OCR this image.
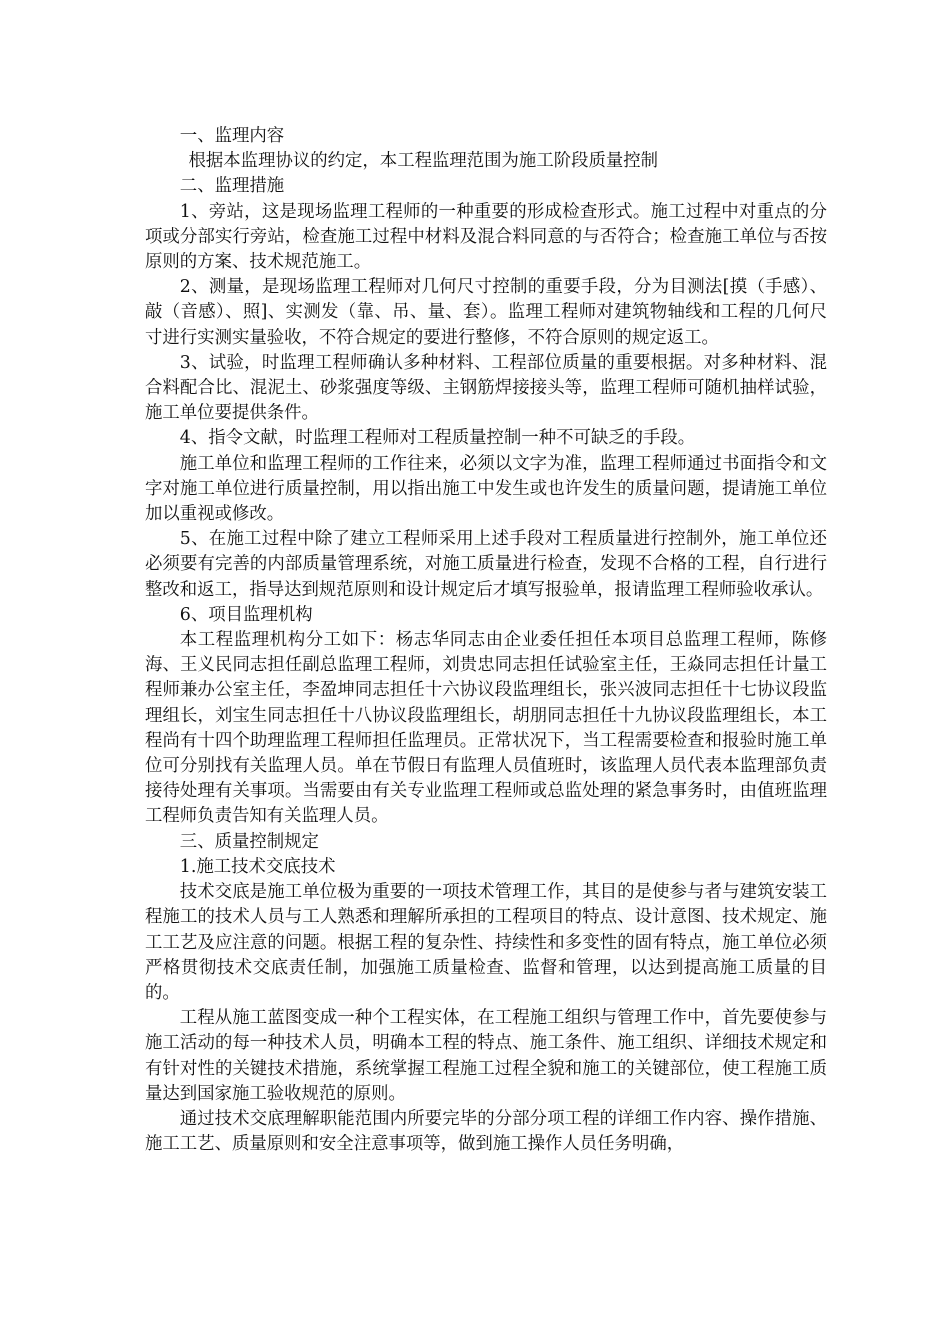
一、监理内容

根据本监理协议的约定，本工程监理范围为施工阶段质量控制

二、监理措施

1、旁站，这是现场监理工程师的一种重要的形成检查形式。施工过程中对重点的分项或分部实行旁站，检查施工过程中材料及混合料同意的与否符合；检查施工单位与否按原则的方案、技术规范施工。

2、测量，是现场监理工程师对几何尺寸控制的重要手段，分为目测法[摸（手感）、敲（音感）、照]、实测发（靠、吊、量、套）。监理工程师对建筑物轴线和工程的几何尺寸进行实测实量验收，不符合规定的要进行整修，不符合原则的规定返工。

3、试验，时监理工程师确认多种材料、工程部位质量的重要根据。对多种材料、混合料配合比、混泥土、砂浆强度等级、主钢筋焊接接头等，监理工程师可随机抽样试验，施工单位要提供条件。

4、指令文献，时监理工程师对工程质量控制一种不可缺乏的手段。

施工单位和监理工程师的工作往来，必须以文字为准，监理工程师通过书面指令和文字对施工单位进行质量控制，用以指出施工中发生或也许发生的质量问题，提请施工单位加以重视或修改。

5、在施工过程中除了建立工程师采用上述手段对工程质量进行控制外，施工单位还必须要有完善的内部质量管理系统，对施工质量进行检查，发现不合格的工程，自行进行整改和返工，指导达到规范原则和设计规定后才填写报验单，报请监理工程师验收承认。

6、项目监理机构

本工程监理机构分工如下：杨志华同志由企业委任担任本项目总监理工程师，陈修海、王义民同志担任副总监理工程师，刘贵忠同志担任试验室主任，王焱同志担任计量工程师兼办公室主任，李盈坤同志担任十六协议段监理组长，张兴波同志担任十七协议段监理组长，刘宝生同志担任十八协议段监理组长，胡朋同志担任十九协议段监理组长，本工程尚有十四个助理监理工程师担任监理员。正常状况下，当工程需要检查和报验时施工单位可分别找有关监理人员。单在节假日有监理人员值班时，该监理人员代表本监理部负责接待处理有关事项。当需要由有关专业监理工程师或总监处理的紧急事务时，由值班监理工程师负责告知有关监理人员。

三、质量控制规定

1.施工技术交底技术

技术交底是施工单位极为重要的一项技术管理工作，其目的是使参与者与建筑安装工程施工的技术人员与工人熟悉和理解所承担的工程项目的特点、设计意图、技术规定、施工工艺及应注意的问题。根据工程的复杂性、持续性和多变性的固有特点，施工单位必须严格贯彻技术交底责任制，加强施工质量检查、监督和管理，以达到提高施工质量的目的。

工程从施工蓝图变成一种个工程实体，在工程施工组织与管理工作中，首先要使参与施工活动的每一种技术人员，明确本工程的特点、施工条件、施工组织、详细技术规定和有针对性的关键技术措施，系统掌握工程施工过程全貌和施工的关键部位，使工程施工质量达到国家施工验收规范的原则。

通过技术交底理解职能范围内所要完毕的分部分项工程的详细工作内容、操作措施、施工工艺、质量原则和安全注意事项等，做到施工操作人员任务明确，
